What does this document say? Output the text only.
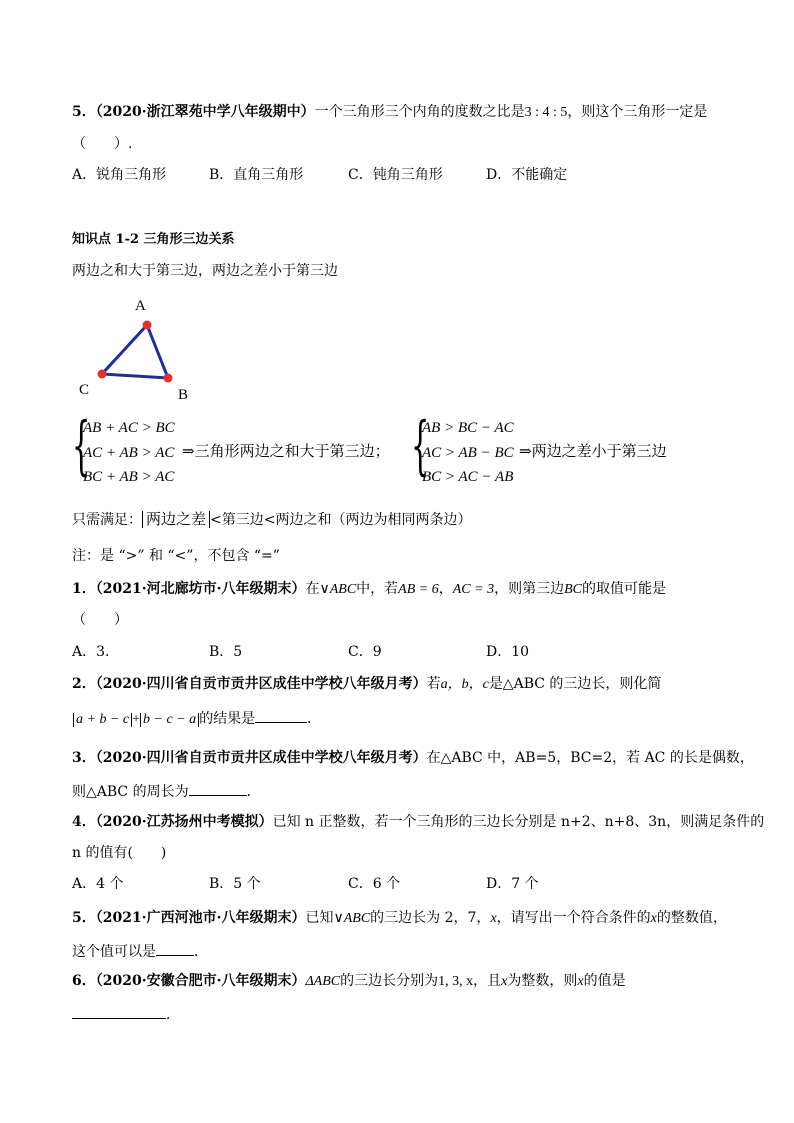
5．（2020·浙江翠苑中学八年级期中）一个三角形三个内角的度数之比是3 : 4 : 5，则这个三角形一定是
（　　）.
A．锐角三角形	B．直角三角形	C．钝角三角形	D．不能确定
知识点 1-2 三角形三边关系
两边之和大于第三边，两边之差小于第三边
A
B
C
{
AB + AC > BC
AC + AB > AC
BC + AB > AC
⇒三角形两边之和大于第三边； {
AB > BC − AC
AC > AB − BC
BC > AC − AB
⇒两边之差小于第三边
只需满足： 两边之差 <第三边<两边之和（两边为相同两条边）
注：是 “>” 和 “<”，不包含 “=”
1．（2021·河北廊坊市·八年级期末）在∨ABC中，若AB = 6，AC = 3，则第三边BC的取值可能是
（　　）
A．3．	B．5	C．9	D．10
2．（2020·四川省自贡市贡井区成佳中学校八年级月考）若a，b，c是△ABC 的三边长，则化简
a + b − c + b − c − a 的结果是	．
3．（2020·四川省自贡市贡井区成佳中学校八年级月考）在△ABC 中，AB=5，BC=2，若 AC 的长是偶数，
则△ABC 的周长为	．
4．（2020·江苏扬州中考模拟）已知 n 正整数，若一个三角形的三边长分别是 n+2、n+8、3n，则满足条件的
n 的值有(　　)
A．4 个	B．5 个	C．6 个	D．7 个
5．（2021·广西河池市·八年级期末）已知∨ABC的三边长为 2，7，x，请写出一个符合条件的x的整数值，
这个值可以是	．
6．（2020·安徽合肥市·八年级期末）ΔABC的三边长分别为1, 3, x，且x为整数，则x的值是
．
